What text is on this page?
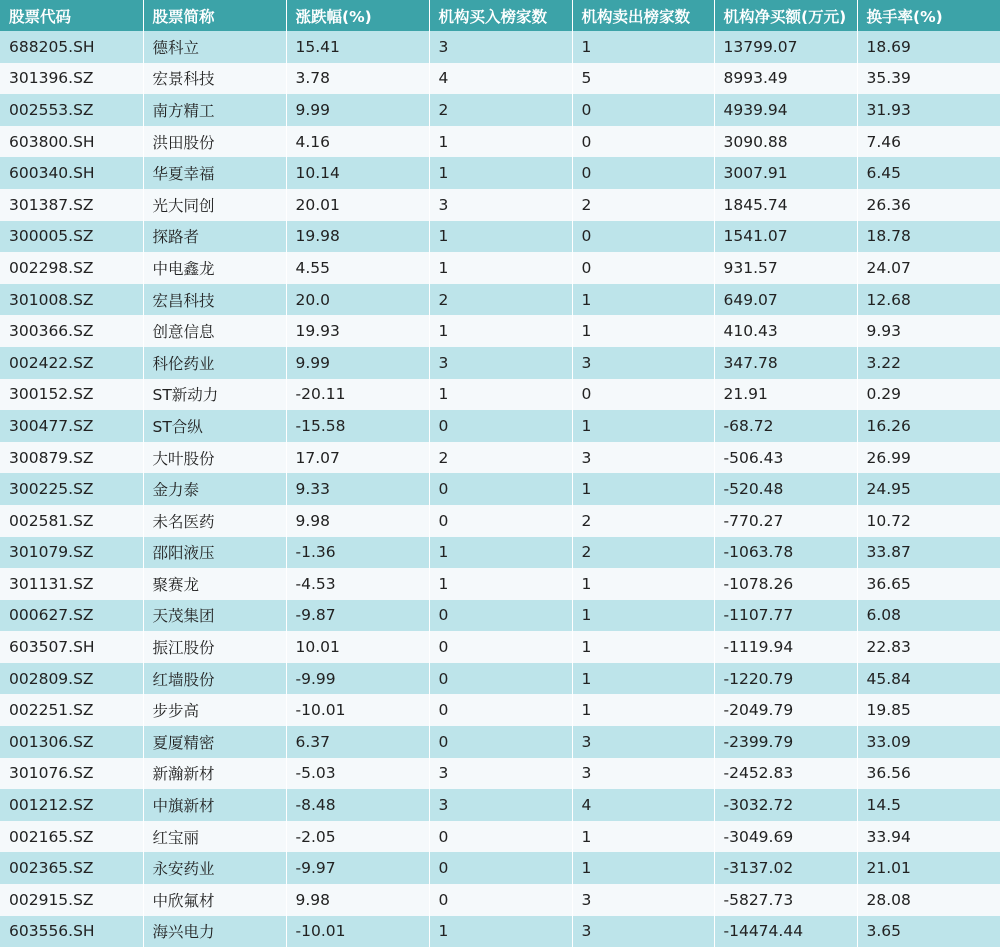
股票代码	股票简称	涨跌幅(%)	机构买入榜家数	机构卖出榜家数	机构净买额(万元)	换手率(%)
688205.SH	德科立	15.41	3	1	13799.07	18.69
301396.SZ	宏景科技	3.78	4	5	8993.49	35.39
002553.SZ	南方精工	9.99	2	0	4939.94	31.93
603800.SH	洪田股份	4.16	1	0	3090.88	7.46
600340.SH	华夏幸福	10.14	1	0	3007.91	6.45
301387.SZ	光大同创	20.01	3	2	1845.74	26.36
300005.SZ	探路者	19.98	1	0	1541.07	18.78
002298.SZ	中电鑫龙	4.55	1	0	931.57	24.07
301008.SZ	宏昌科技	20.0	2	1	649.07	12.68
300366.SZ	创意信息	19.93	1	1	410.43	9.93
002422.SZ	科伦药业	9.99	3	3	347.78	3.22
300152.SZ	ST新动力	-20.11	1	0	21.91	0.29
300477.SZ	ST合纵	-15.58	0	1	-68.72	16.26
300879.SZ	大叶股份	17.07	2	3	-506.43	26.99
300225.SZ	金力泰	9.33	0	1	-520.48	24.95
002581.SZ	未名医药	9.98	0	2	-770.27	10.72
301079.SZ	邵阳液压	-1.36	1	2	-1063.78	33.87
301131.SZ	聚赛龙	-4.53	1	1	-1078.26	36.65
000627.SZ	天茂集团	-9.87	0	1	-1107.77	6.08
603507.SH	振江股份	10.01	0	1	-1119.94	22.83
002809.SZ	红墙股份	-9.99	0	1	-1220.79	45.84
002251.SZ	步步高	-10.01	0	1	-2049.79	19.85
001306.SZ	夏厦精密	6.37	0	3	-2399.79	33.09
301076.SZ	新瀚新材	-5.03	3	3	-2452.83	36.56
001212.SZ	中旗新材	-8.48	3	4	-3032.72	14.5
002165.SZ	红宝丽	-2.05	0	1	-3049.69	33.94
002365.SZ	永安药业	-9.97	0	1	-3137.02	21.01
002915.SZ	中欣氟材	9.98	0	3	-5827.73	28.08
603556.SH	海兴电力	-10.01	1	3	-14474.44	3.65
